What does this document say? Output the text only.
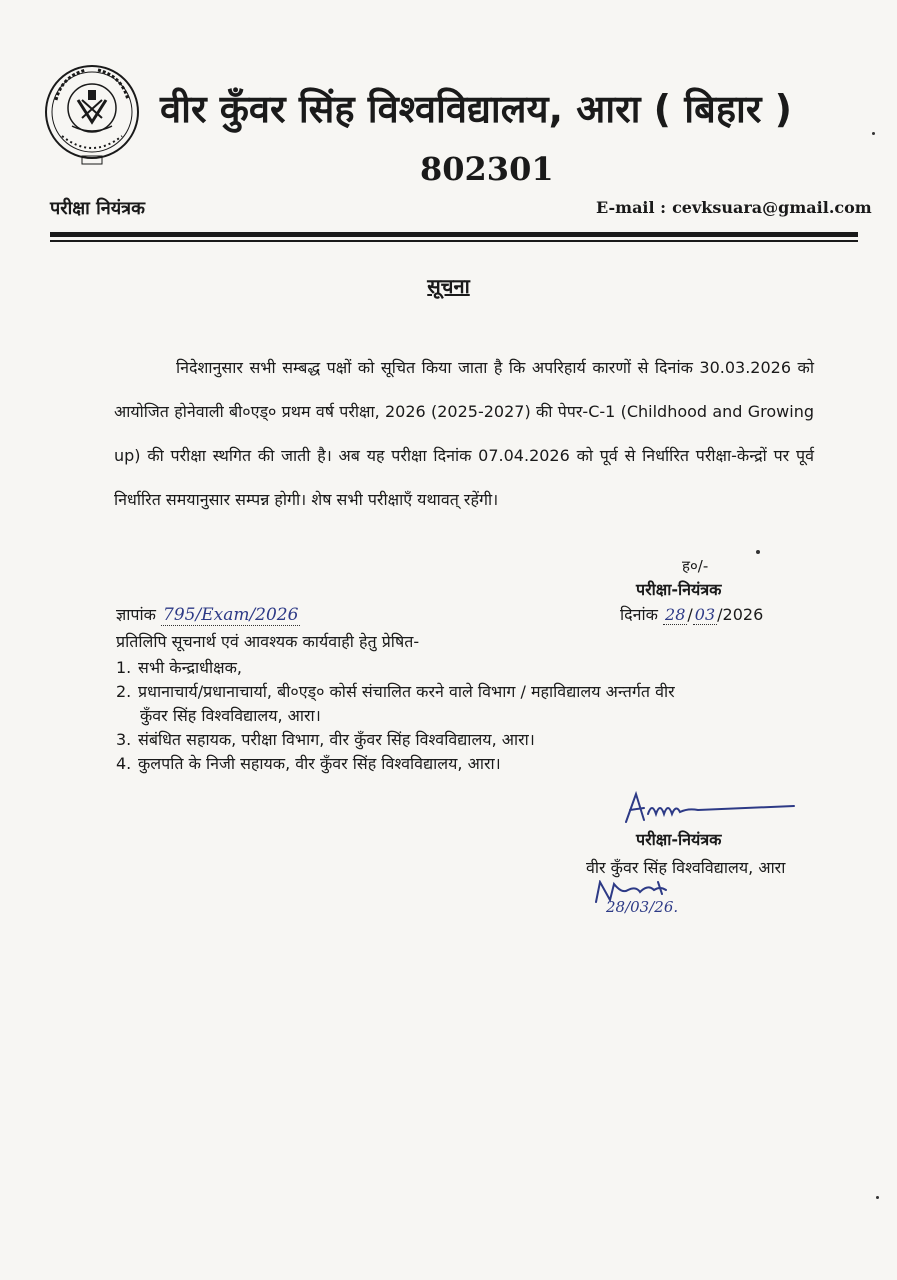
वीर कुँवर सिंह विश्वविद्यालय, आरा ( बिहार )
802301
परीक्षा नियंत्रक	E-mail : cevksuara@gmail.com
सूचना
निदेशानुसार सभी सम्बद्ध पक्षों को सूचित किया जाता है कि अपरिहार्य कारणों से दिनांक 30.03.2026 को आयोजित होनेवाली बी०एड्० प्रथम वर्ष परीक्षा, 2026 (2025-2027) की पेपर-C-1 (Childhood and Growing up) की परीक्षा स्थगित की जाती है। अब यह परीक्षा दिनांक 07.04.2026 को पूर्व से निर्धारित परीक्षा-केन्द्रों पर पूर्व निर्धारित समयानुसार सम्पन्न होगी। शेष सभी परीक्षाएँ यथावत् रहेंगी।
ह०/-
परीक्षा-नियंत्रक
दिनांक 28 / 03 /2026
ज्ञापांक 795/Exam/2026
प्रतिलिपि सूचनार्थ एवं आवश्यक कार्यवाही हेतु प्रेषित-
1. सभी केन्द्राधीक्षक,
2. प्रधानाचार्य/प्रधानाचार्या, बी०एड्० कोर्स संचालित करने वाले विभाग / महाविद्यालय अन्तर्गत वीर
कुँवर सिंह विश्वविद्यालय, आरा।
3. संबंधित सहायक, परीक्षा विभाग, वीर कुँवर सिंह विश्वविद्यालय, आरा।
4. कुलपति के निजी सहायक, वीर कुँवर सिंह विश्वविद्यालय, आरा।
परीक्षा-नियंत्रक
वीर कुँवर सिंह विश्वविद्यालय, आरा
28/03/26.
